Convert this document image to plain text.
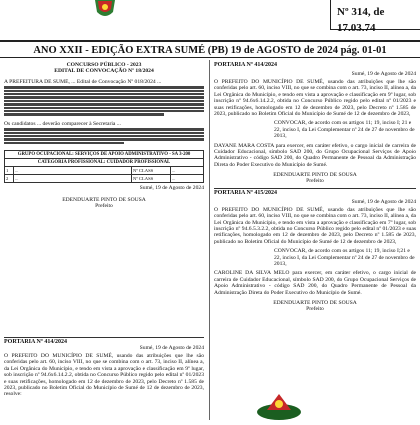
Nº 314, de 17.03.74
ANO XXII - EDIÇÃO EXTRA SUMÉ (PB) 19 de AGOSTO de 2024 pág. 01-01
CONCURSO PÚBLICO - 2023
EDITAL DE CONVOCAÇÃO Nº 18/2024
A PREFEITURA DE SUMÉ, ... Edital de Convocação Nº 018/2024 ...
Os candidatos ... deverão comparecer à Secretaria ...
GRUPO OCUPACIONAL: SERVIÇOS DE APOIO ADMINISTRATIVO - SA 3-200
CATEGORIA PROFISSIONAL: CUIDADOR PROFISSIONAL
1	...	Nº CLASS	...
2	...	Nº CLASS	...
Sumé, 19 de Agosto de 2024
EDENDUARTE PINTO DE SOUSA
Prefeito
PORTARIA Nº 414/2024
Sumé, 19 de Agosto de 2024
O PREFEITO DO MUNICÍPIO DE SUMÉ, usando das atribuições que lhe são conferidas pelo art. 60, inciso VIII, no que se combina com o art. 73, inciso II, alínea a, da Lei Orgânica do Município, e tendo em vista a aprovação e classificação em 9º lugar, sob inscrição nº 94.6x6.14.2.2, obtida no Concurso Público regido pelo edital nº 01/2023 e suas retificações, homologado em 12 de dezembro de 2023, pelo Decreto nº 1.585 de 2023, publicado no Boletim Oficial do Município de Sumé de 12 de dezembro de 2023, resolve:
PORTARIA Nº 414/2024
Sumé, 19 de Agosto de 2024
O PREFEITO DO MUNICÍPIO DE SUMÉ, usando das atribuições que lhe são conferidas pelo art. 60, inciso VIII, no que se combina com o art. 73, inciso II, alínea a, da Lei Orgânica do Município, e tendo em vista a aprovação e classificação em 9º lugar, sob inscrição nº 94.6x6.14.2.2, obtida no Concurso Público regido pelo edital nº 01/2023 e suas retificações, homologado em 12 de dezembro de 2023, pelo Decreto nº 1.585 de 2023, publicado no Boletim Oficial do Município de Sumé de 12 de dezembro de 2023,
CONVOCAR, de acordo com os artigos 11; 19, inciso I; 21 e 22, inciso I, da Lei Complementar nº 24 de 27 de novembro de 2013,
DAYANE MARA COSTA para exercer, em caráter efetivo, o cargo inicial de carreira de Cuidador Educacional, símbolo SAD 200, do Grupo Ocupacional Serviços de Apoio Administrativo - código SAD 200, do Quadro Permanente de Pessoal da Administração Direta do Poder Executivo do Município de Sumé.
EDENDUARTE PINTO DE SOUSA
Prefeito
PORTARIA Nº 415/2024
Sumé, 19 de Agosto de 2024
O PREFEITO DO MUNICÍPIO DE SUMÉ, usando das atribuições que lhe são conferidas pelo art. 60, inciso VIII, no que se combina com o art. 73, inciso II, alínea a, da Lei Orgânica do Município, e tendo em vista a aprovação e classificação em 7º lugar, sob inscrição nº 94.6.5.3.2.2, obtida no Concurso Público regido pelo edital nº 01/2023 e suas retificações, homologado em 12 de dezembro de 2023, pelo Decreto nº 1.585 de 2023, publicado no Boletim Oficial do Município de Sumé de 12 de dezembro de 2023,
CONVOCAR, de acordo com os artigos 11; 19, inciso I;21 e 22, inciso I, da Lei Complementar nº 24 de 27 de novembro de 2013,
CAROLINE DA SILVA MELO para exercer, em caráter efetivo, o cargo inicial de carreira de Cuidador Educacional, símbolo SAD 200, do Grupo Ocupacional Serviços de Apoio Administrativo - código SAD 200, do Quadro Permanente de Pessoal da Administração Direta do Poder Executivo do Município de Sumé.
EDENDUARTE PINTO DE SOUSA
Prefeito
